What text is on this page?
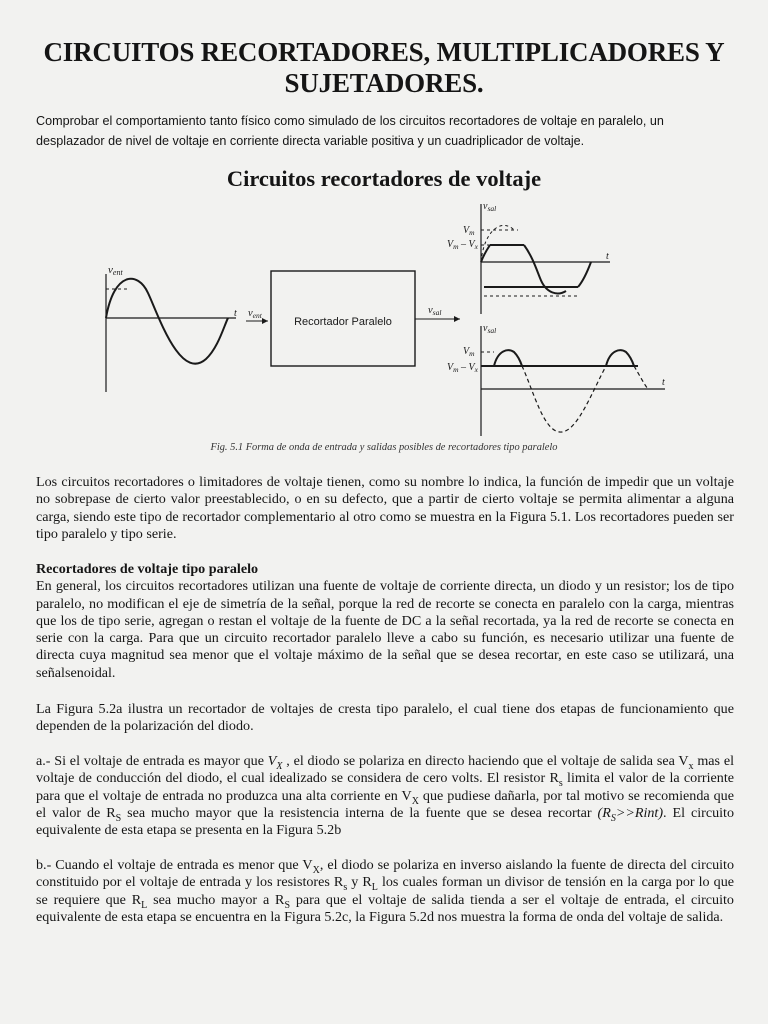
CIRCUITOS RECORTADORES, MULTIPLICADORES Y SUJETADORES.

Comprobar el comportamiento tanto físico como simulado de los circuitos recortadores de voltaje en paralelo, un desplazador de nivel de voltaje en corriente directa variable positiva y un cuadriplicador de voltaje.

Circuitos recortadores de voltaje
vent
t vent
Recortador Paralelo
vsal
$v_{sal}$
$V_m$
$V_m - V_x$
t
$v_{sal}$
$V_m$
$V_m - V_x$
t
Fig. 5.1 Forma de onda de entrada y salidas posibles de recortadores tipo paralelo

Los circuitos recortadores o limitadores de voltaje tienen, como su nombre lo indica, la función de impedir que un voltaje no sobrepase de cierto valor preestablecido, o en su defecto, que a partir de cierto voltaje se permita alimentar a alguna carga, siendo este tipo de recortador complementario al otro como se muestra en la Figura 5.1. Los recortadores pueden ser tipo paralelo y tipo serie.

Recortadores de voltaje tipo paralelo

En general, los circuitos recortadores utilizan una fuente de voltaje de corriente directa, un diodo y un resistor; los de tipo paralelo, no modifican el eje de simetría de la señal, porque la red de recorte se conecta en paralelo con la carga, mientras que los de tipo serie, agregan o restan el voltaje de la fuente de DC a la señal recortada, ya la red de recorte se conecta en serie con la carga. Para que un circuito recortador paralelo lleve a cabo su función, es necesario utilizar una fuente de directa cuya magnitud sea menor que el voltaje máximo de la señal que se desea recortar, en este caso se utilizará, una señalsenoidal.

La Figura 5.2a ilustra un recortador de voltajes de cresta tipo paralelo, el cual tiene dos etapas de funcionamiento que dependen de la polarización del diodo.

a.- Si el voltaje de entrada es mayor que $V_X$ , el diodo se polariza en directo haciendo que el voltaje de salida sea $V_x$ mas el voltaje de conducción del diodo, el cual idealizado se considera de cero volts. El resistor $R_s$ limita el valor de la corriente para que el voltaje de entrada no produzca una alta corriente en $V_X$ que pudiese dañarla, por tal motivo se recomienda que el valor de $R_S$ sea mucho mayor que la resistencia interna de la fuente que se desea recortar $(R_S>>Rint)$. El circuito equivalente de esta etapa se presenta en la Figura 5.2b

b.- Cuando el voltaje de entrada es menor que $V_X$, el diodo se polariza en inverso aislando la fuente de directa del circuito constituido por el voltaje de entrada y los resistores $R_s$ y $R_L$ los cuales forman un divisor de tensión en la carga por lo que se requiere que $R_L$ sea mucho mayor a $R_S$ para que el voltaje de salida tienda a ser el voltaje de entrada, el circuito equivalente de esta etapa se encuentra en la Figura 5.2c, la Figura 5.2d nos muestra la forma de onda del voltaje de salida.
